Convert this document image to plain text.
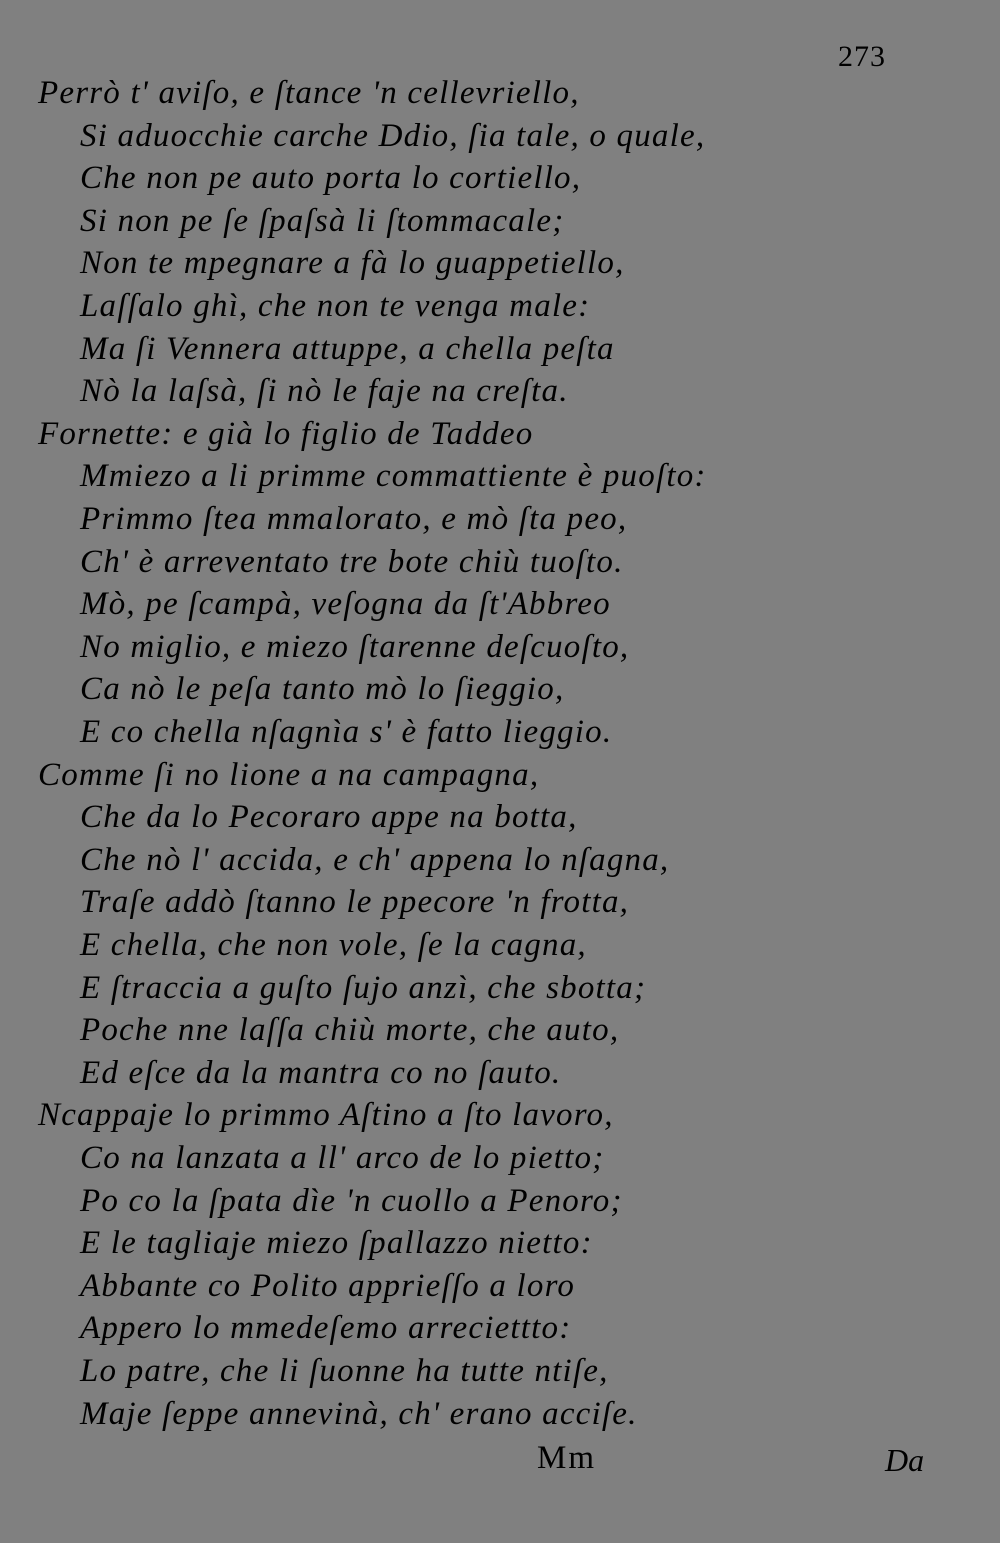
273
Perrò t' aviſo, e ſtance 'n cellevriello,
Si aduocchie carche Ddio, ſia tale, o quale,
Che non pe auto porta lo cortiello,
Si non pe ſe ſpaſsà li ſtommacale;
Non te mpegnare a fà lo guappetiello,
Laſſalo ghì, che non te venga male:
Ma ſi Vennera attuppe, a chella peſta
Nò la laſsà, ſi nò le faje na creſta.
Fornette: e già lo figlio de Taddeo
Mmiezo a li primme commattiente è puoſto:
Primmo ſtea mmalorato, e mò ſta peo,
Ch' è arreventato tre bote chiù tuoſto.
Mò, pe ſcampà, veſogna da ſt'Abbreo
No miglio, e miezo ſtarenne deſcuoſto,
Ca nò le peſa tanto mò lo ſieggio,
E co chella nſagnìa s' è fatto lieggio.
Comme ſi no lione a na campagna,
Che da lo Pecoraro appe na botta,
Che nò l' accida, e ch' appena lo nſagna,
Traſe addò ſtanno le ppecore 'n frotta,
E chella, che non vole, ſe la cagna,
E ſtraccia a guſto ſujo anzì, che sbotta;
Poche nne laſſa chiù morte, che auto,
Ed eſce da la mantra co no ſauto.
Ncappaje lo primmo Aſtino a ſto lavoro,
Co na lanzata a ll' arco de lo pietto;
Po co la ſpata dìe 'n cuollo a Penoro;
E le tagliaje miezo ſpallazzo nietto:
Abbante co Polito apprieſſo a loro
Appero lo mmedeſemo arreciettto:
Lo patre, che li ſuonne ha tutte ntiſe,
Maje ſeppe annevinà, ch' erano acciſe.
Mm	Da
